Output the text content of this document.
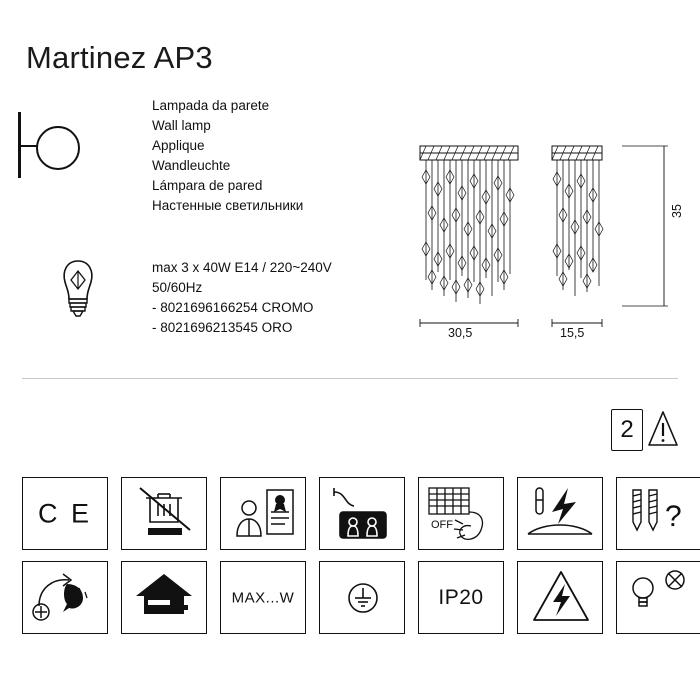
Martinez AP3
Lampada da parete
Wall lamp
Applique
Wandleuchte
Lámpara de pared
Настенные светильники
max 3 x 40W E14 / 220~240V
50/60Hz
- 8021696166254 CROMO
- 8021696213545 ORO	30,5	15,5
35
2
C E	OFF	?
MAX...W	IP20
